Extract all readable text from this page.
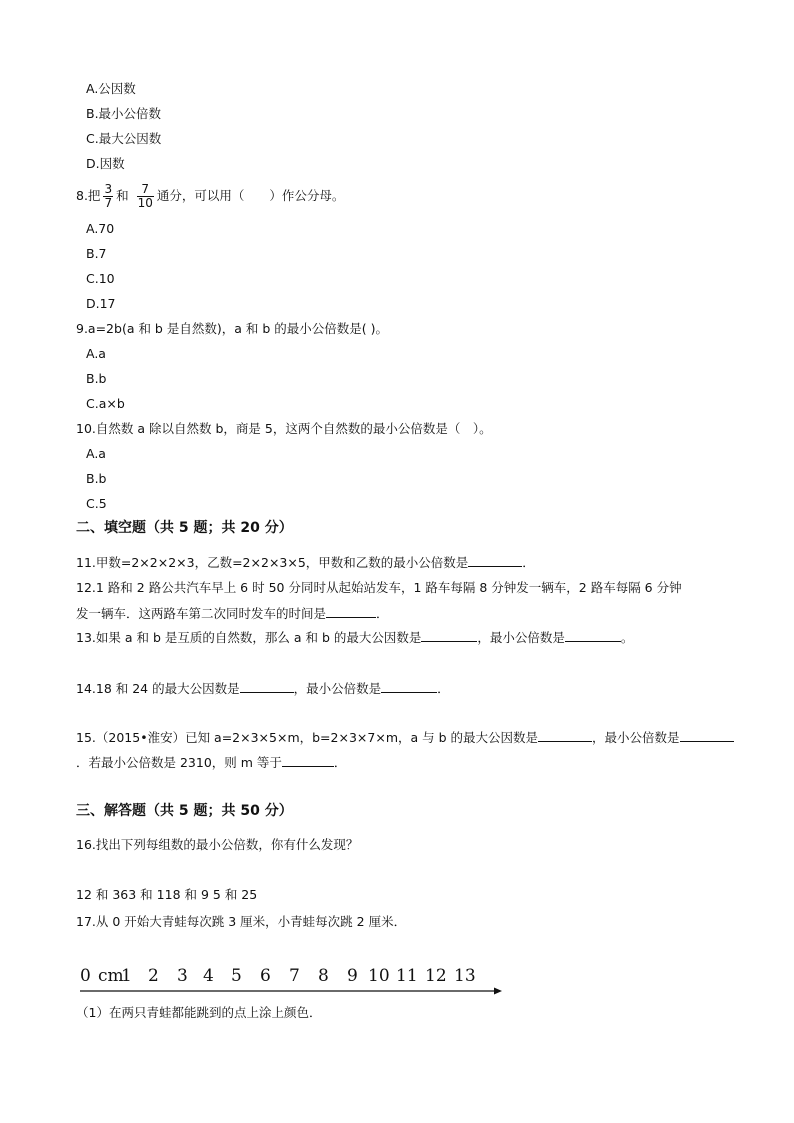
A.公因数
B.最小公倍数
C.最大公因数
D.因数
8.把 $\frac{3}{7}$ 和 $\frac{7}{10}$ 通分，可以用（　　）作公分母。
A.70
B.7
C.10
D.17
9.a=2b(a 和 b 是自然数)，a 和 b 的最小公倍数是( )。
A.a
B.b
C.a×b
10.自然数 a 除以自然数 b，商是 5，这两个自然数的最小公倍数是（　）。
A.a
B.b
C.5
二、填空题（共 5 题；共 20 分）
11.甲数=2×2×2×3，乙数=2×2×3×5，甲数和乙数的最小公倍数是	．
12.1 路和 2 路公共汽车早上 6 时 50 分同时从起始站发车，1 路车每隔 8 分钟发一辆车，2 路车每隔 6 分钟
发一辆车．这两路车第二次同时发车的时间是	．
13.如果 a 和 b 是互质的自然数，那么 a 和 b 的最大公因数是	，最小公倍数是	。
14.18 和 24 的最大公因数是	，最小公倍数是	．
15.（2015•淮安）已知 a=2×3×5×m，b=2×3×7×m，a 与 b 的最大公因数是	，最小公倍数是
．若最小公倍数是 2310，则 m 等于	．
三、解答题（共 5 题；共 50 分）
16.找出下列每组数的最小公倍数，你有什么发现？
12 和 363 和 118 和 9 5 和 25
17.从 0 开始大青蛙每次跳 3 厘米，小青蛙每次跳 2 厘米．
0 cm
1 2 3 4 5 6 7 8 9 10 11 12 13
（1）在两只青蛙都能跳到的点上涂上颜色．
